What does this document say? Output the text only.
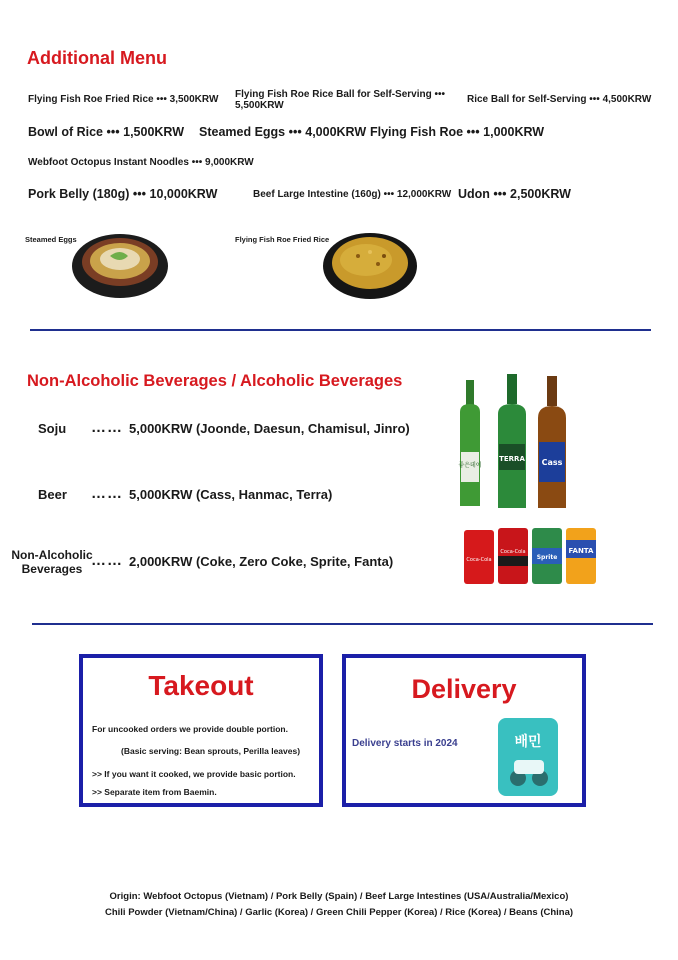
Additional Menu
Flying Fish Roe Fried Rice ••• 3,500KRW Flying Fish Roe Rice Ball for Self-Serving ••• 5,500KRW
Rice Ball for Self-Serving ••• 4,500KRW
Bowl of Rice ••• 1,500KRW Steamed Eggs ••• 4,000KRW Flying Fish Roe ••• 1,000KRW
Webfoot Octopus Instant Noodles ••• 9,000KRW
Pork Belly (180g) ••• 10,000KRW	Beef Large Intestine (160g) ••• 12,000KRW Udon ••• 2,500KRW
Steamed Eggs	Flying Fish Roe Fried Rice
Non-Alcoholic Beverages / Alcoholic Beverages
Soju …… 5,000KRW (Joonde, Daesun, Chamisul, Jinro)
Beer …… 5,000KRW (Cass, Hanmac, Terra)
Non-Alcoholic
Beverages …… 2,000KRW (Coke, Zero Coke, Sprite, Fanta)
좋은데이
TERRA Cass
Coca-Cola
Coca-Cola
Sprite
FANTA
Takeout
For uncooked orders we provide double portion.
(Basic serving: Bean sprouts, Perilla leaves)
>> If you want it cooked, we provide basic portion.
>> Separate item from Baemin.
Delivery
Delivery starts in 2024	배민
Origin: Webfoot Octopus (Vietnam) / Pork Belly (Spain) / Beef Large Intestines (USA/Australia/Mexico)
Chili Powder (Vietnam/China) / Garlic (Korea) / Green Chili Pepper (Korea) / Rice (Korea) / Beans (China)
